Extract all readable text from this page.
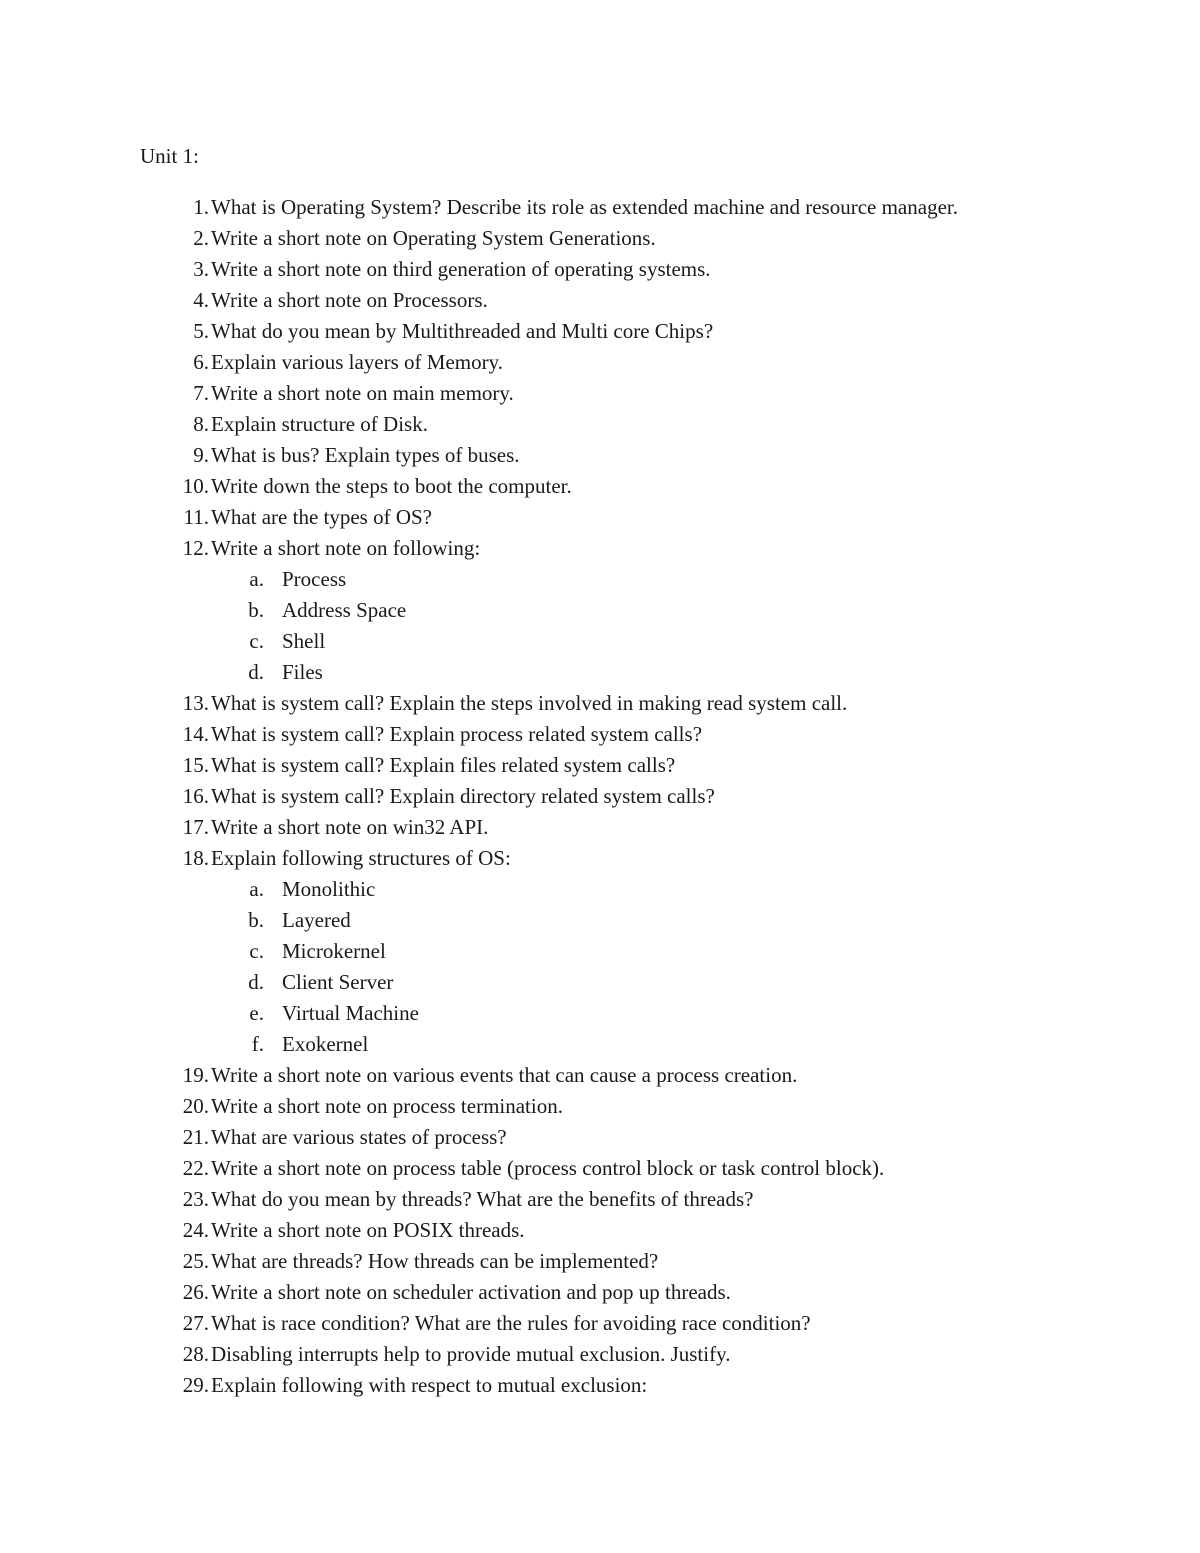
Unit 1:
1. What is Operating System? Describe its role as extended machine and resource manager.
2. Write a short note on Operating System Generations.
3. Write a short note on third generation of operating systems.
4. Write a short note on Processors.
5. What do you mean by Multithreaded and Multi core Chips?
6. Explain various layers of Memory.
7. Write a short note on main memory.
8. Explain structure of Disk.
9. What is bus? Explain types of buses.
10. Write down the steps to boot the computer.
11. What are the types of OS?
12. Write a short note on following:
a. Process
b. Address Space
c. Shell
d. Files
13. What is system call? Explain the steps involved in making read system call.
14. What is system call? Explain process related system calls?
15. What is system call? Explain files related system calls?
16. What is system call? Explain directory related system calls?
17. Write a short note on win32 API.
18. Explain following structures of OS:
a. Monolithic
b. Layered
c. Microkernel
d. Client Server
e. Virtual Machine
f. Exokernel
19. Write a short note on various events that can cause a process creation.
20. Write a short note on process termination.
21. What are various states of process?
22. Write a short note on process table (process control block or task control block).
23. What do you mean by threads? What are the benefits of threads?
24. Write a short note on POSIX threads.
25. What are threads? How threads can be implemented?
26. Write a short note on scheduler activation and pop up threads.
27. What is race condition? What are the rules for avoiding race condition?
28. Disabling interrupts help to provide mutual exclusion. Justify.
29. Explain following with respect to mutual exclusion:
